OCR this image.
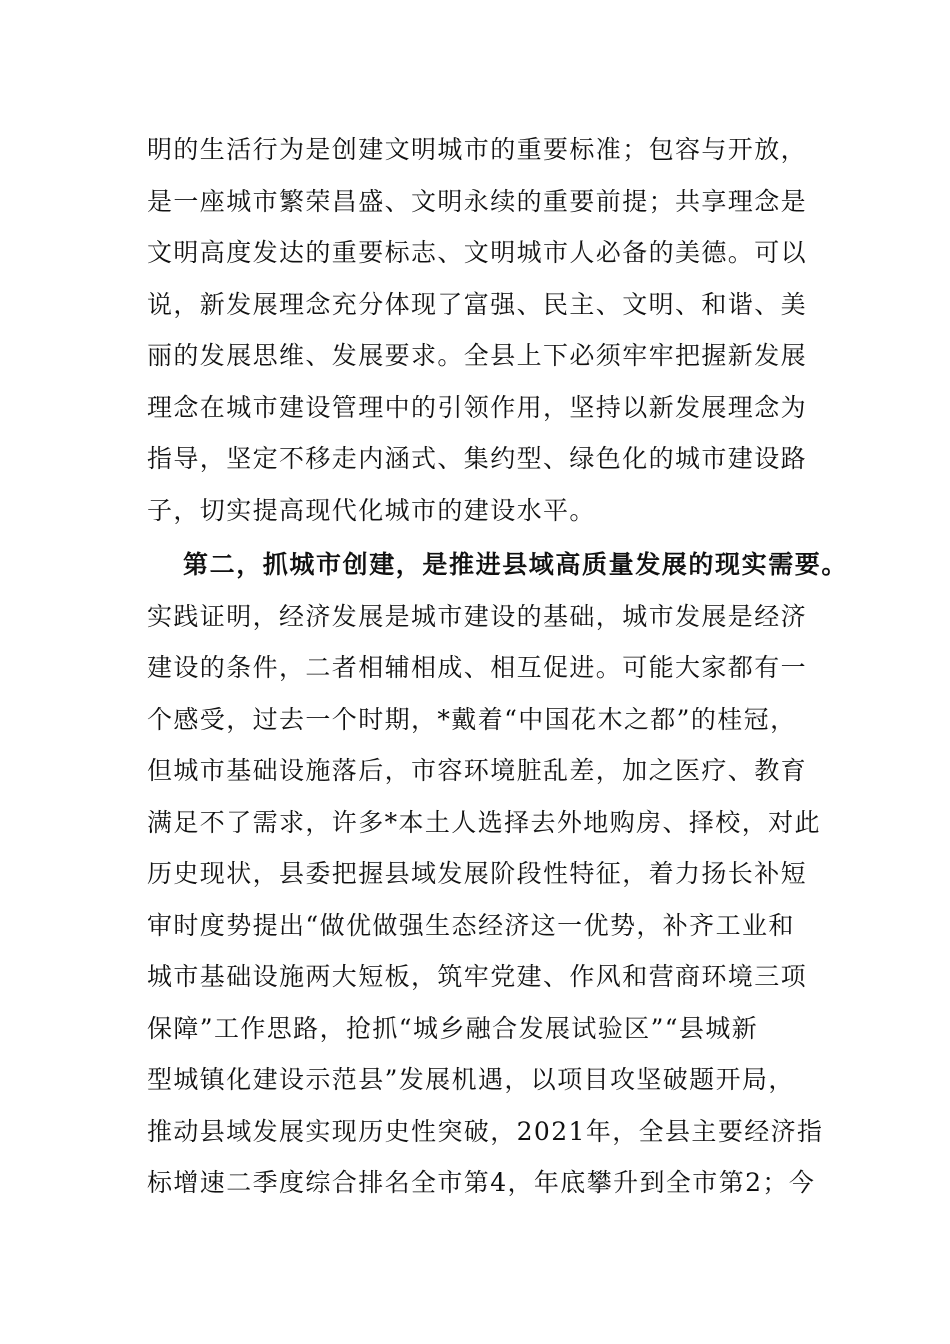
明的生活行为是创建文明城市的重要标准；包容与开放，
是一座城市繁荣昌盛、文明永续的重要前提；共享理念是
文明高度发达的重要标志、文明城市人必备的美德。可以
说，新发展理念充分体现了富强、民主、文明、和谐、美
丽的发展思维、发展要求。全县上下必须牢牢把握新发展
理念在城市建设管理中的引领作用，坚持以新发展理念为
指导，坚定不移走内涵式、集约型、绿色化的城市建设路
子，切实提高现代化城市的建设水平。
第二，抓城市创建，是推进县域高质量发展的现实需要。
实践证明，经济发展是城市建设的基础，城市发展是经济
建设的条件，二者相辅相成、相互促进。可能大家都有一
个感受，过去一个时期，*戴着“中国花木之都”的桂冠，
但城市基础设施落后，市容环境脏乱差，加之医疗、教育
满足不了需求，许多*本土人选择去外地购房、择校，对此
历史现状，县委把握县域发展阶段性特征，着力扬长补短
审时度势提出“做优做强生态经济这一优势，补齐工业和
城市基础设施两大短板，筑牢党建、作风和营商环境三项
保障”工作思路，抢抓“城乡融合发展试验区”“县城新
型城镇化建设示范县”发展机遇，以项目攻坚破题开局，
推动县域发展实现历史性突破，2021年，全县主要经济指
标增速二季度综合排名全市第4，年底攀升到全市第2；今
